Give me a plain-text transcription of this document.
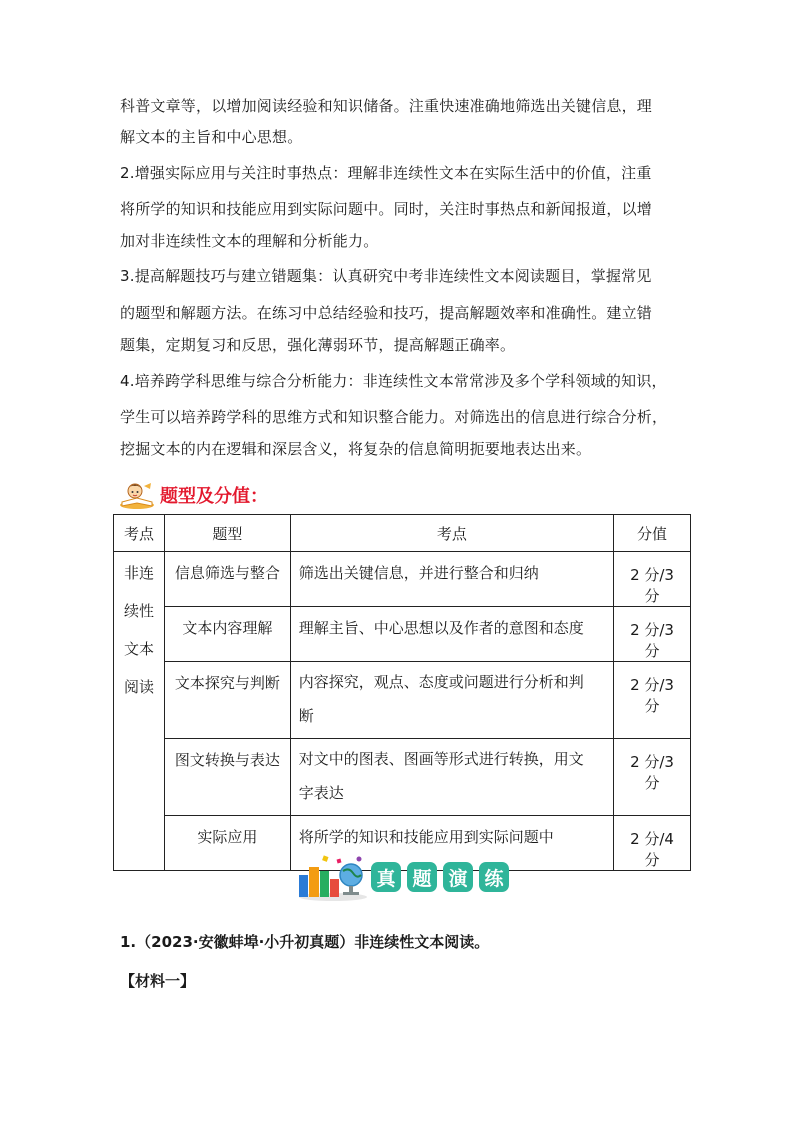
科普文章等，以增加阅读经验和知识储备。注重快速准确地筛选出关键信息，理
解文本的主旨和中心思想。
2.增强实际应用与关注时事热点：理解非连续性文本在实际生活中的价值，注重
将所学的知识和技能应用到实际问题中。同时，关注时事热点和新闻报道，以增
加对非连续性文本的理解和分析能力。
3.提高解题技巧与建立错题集：认真研究中考非连续性文本阅读题目，掌握常见
的题型和解题方法。在练习中总结经验和技巧，提高解题效率和准确性。建立错
题集，定期复习和反思，强化薄弱环节，提高解题正确率。
4.培养跨学科思维与综合分析能力：非连续性文本常常涉及多个学科领域的知识，
学生可以培养跨学科的思维方式和知识整合能力。对筛选出的信息进行综合分析，
挖掘文本的内在逻辑和深层含义，将复杂的信息简明扼要地表达出来。
题型及分值：
考点	题型	考点	分值

非连
续性
文本
阅读	信息筛选与整合	筛选出关键信息，并进行整合和归纳	2 分/3 分
	文本内容理解	理解主旨、中心思想以及作者的意图和态度	2 分/3 分
	文本探究与判断	内容探究，观点、态度或问题进行分析和判
断	2 分/3 分
	图文转换与表达	对文中的图表、图画等形式进行转换，用文
字表达	2 分/3 分
	实际应用	将所学的知识和技能应用到实际问题中	2 分/4 分
真 题 演 练
1.（2023·安徽蚌埠·小升初真题）非连续性文本阅读。
【材料一】
